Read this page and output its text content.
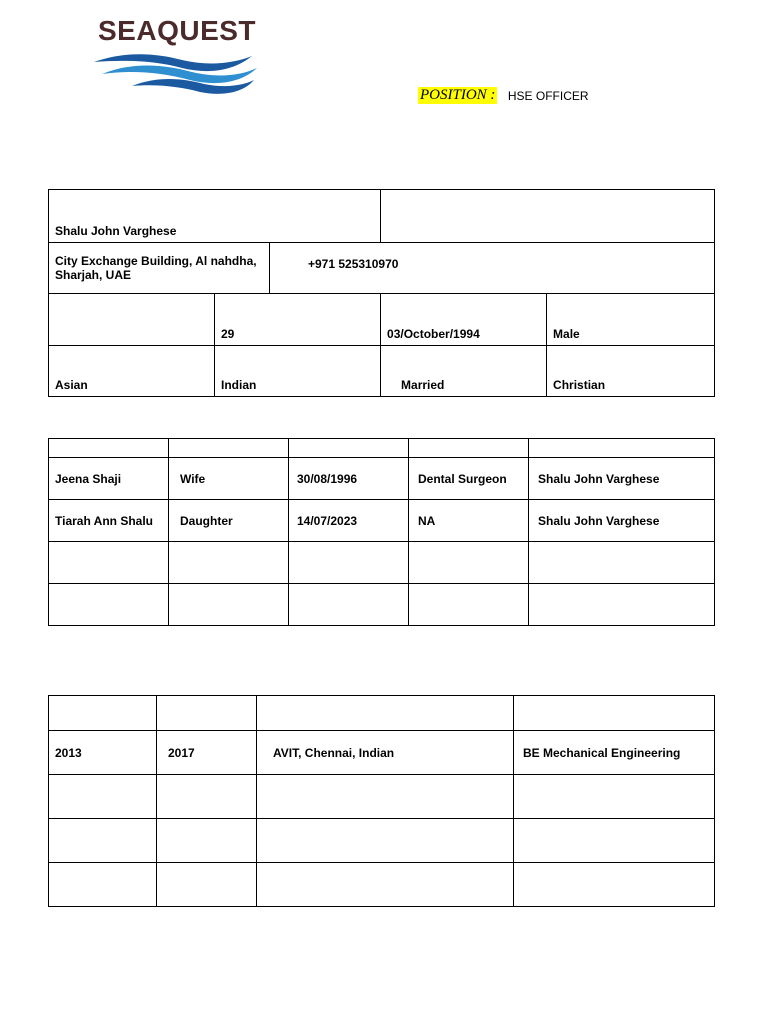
SEAQUEST
POSITION : HSE OFFICER
Shalu John Varghese				
City Exchange Building, Al nahdha, Sharjah, UAE		+971 525310970		
	29		03/October/1994	Male
Asian	Indian		Married	Christian

Jeena Shaji	Wife	30/08/1996	Dental Surgeon	Shalu John Varghese
Tiarah Ann Shalu	Daughter	14/07/2023	NA	Shalu John Varghese

2013	2017	AVIT, Chennai, Indian	BE Mechanical Engineering
